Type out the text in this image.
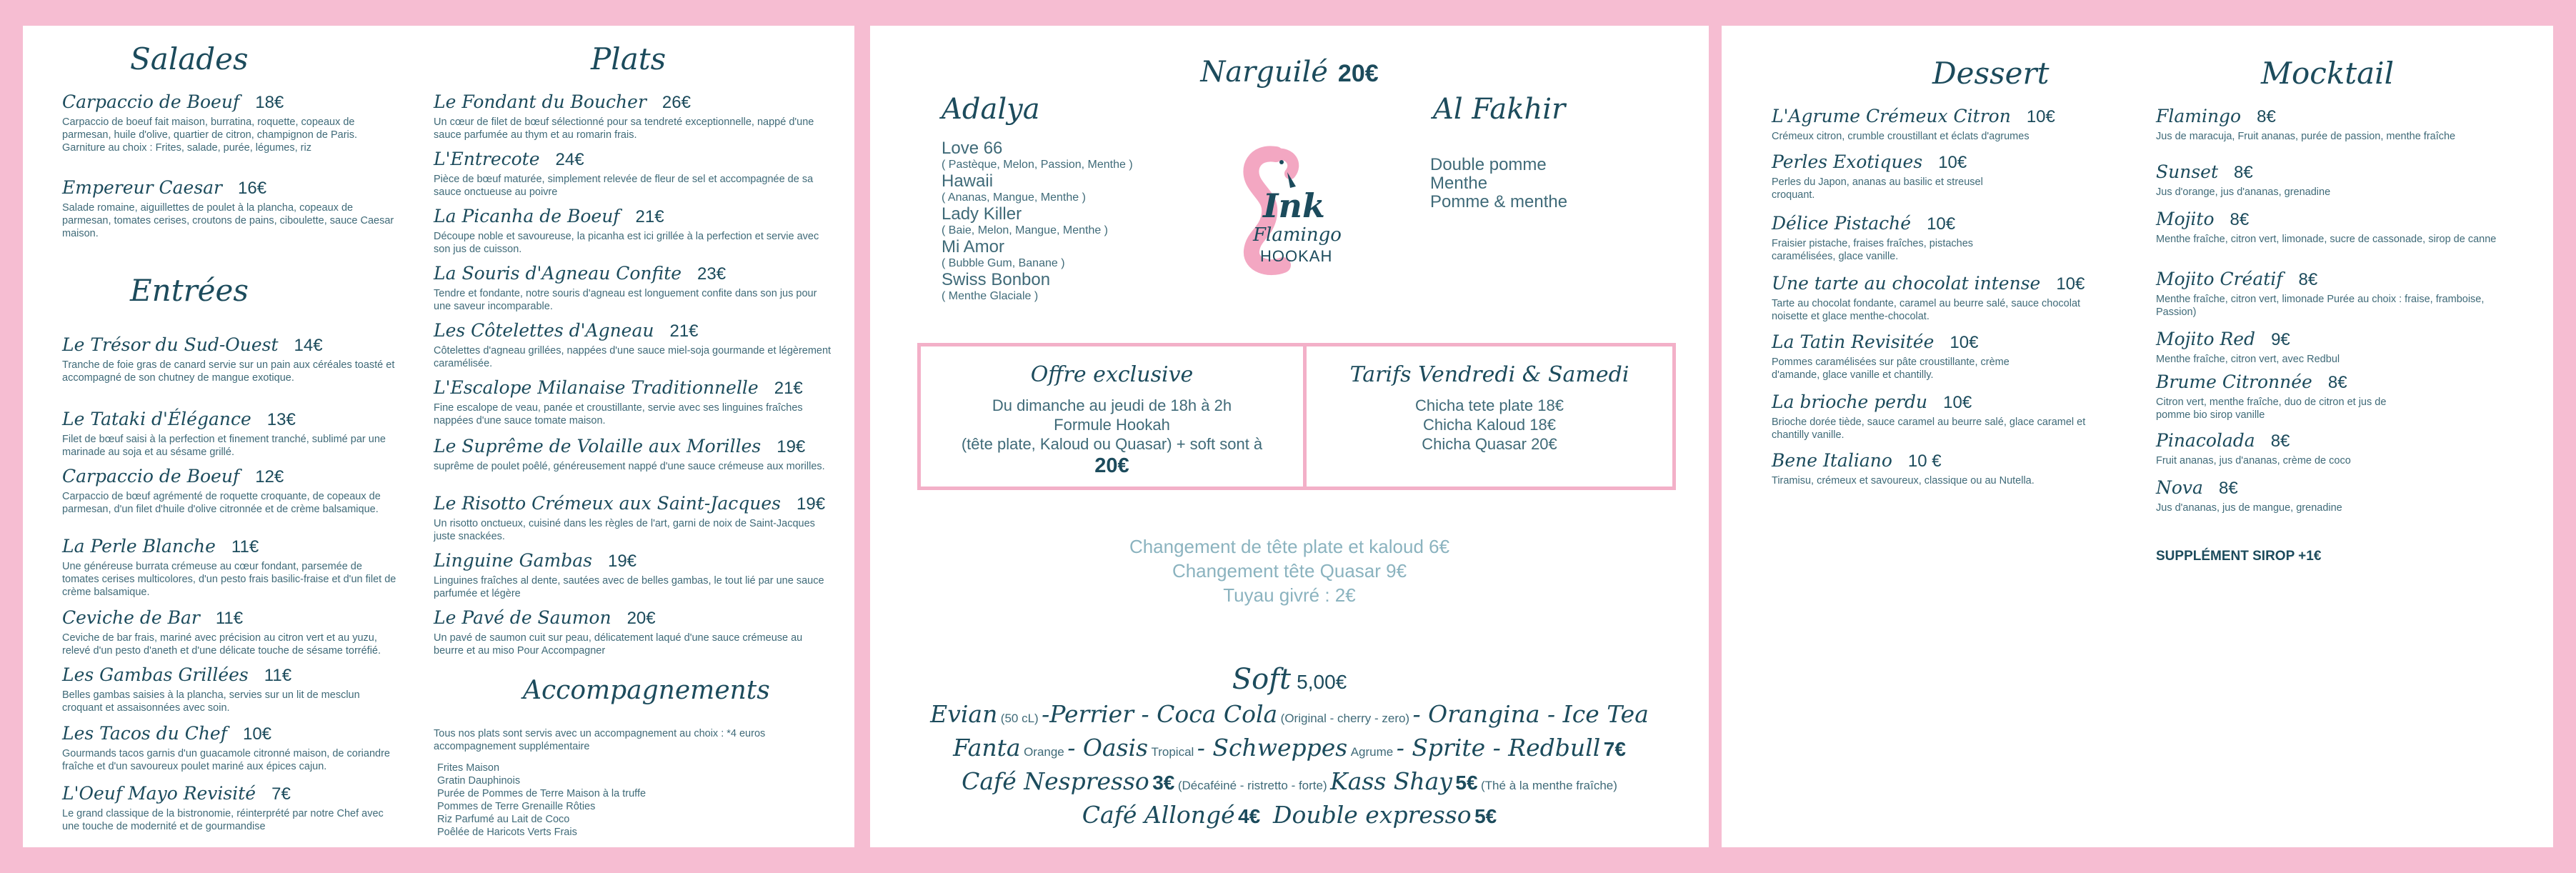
Salades
Carpaccio de Boeuf 18€
Carpaccio de boeuf fait maison, burratina, roquette, copeaux de parmesan, huile d'olive, quartier de citron, champignon de Paris. Garniture au choix : Frites, salade, purée, légumes, riz
Empereur Caesar 16€
Salade romaine, aiguillettes de poulet à la plancha, copeaux de parmesan, tomates cerises, croutons de pains, ciboulette, sauce Caesar maison.
Entrées
Le Trésor du Sud-Ouest 14€
Tranche de foie gras de canard servie sur un pain aux céréales toasté et accompagné de son chutney de mangue exotique.
Le Tataki d'Élégance 13€
Filet de bœuf saisi à la perfection et finement tranché, sublimé par une marinade au soja et au sésame grillé.
Carpaccio de Boeuf 12€
Carpaccio de bœuf agrémenté de roquette croquante, de copeaux de parmesan, d'un filet d'huile d'olive citronnée et de crème balsamique.
La Perle Blanche 11€
Une généreuse burrata crémeuse au cœur fondant, parsemée de tomates cerises multicolores, d'un pesto frais basilic-fraise et d'un filet de crème balsamique.
Ceviche de Bar 11€
Ceviche de bar frais, mariné avec précision au citron vert et au yuzu, relevé d'un pesto d'aneth et d'une délicate touche de sésame torréfié.
Les Gambas Grillées 11€
Belles gambas saisies à la plancha, servies sur un lit de mesclun croquant et assaisonnées avec soin.
Les Tacos du Chef 10€
Gourmands tacos garnis d'un guacamole citronné maison, de coriandre fraîche et d'un savoureux poulet mariné aux épices cajun.
L'Oeuf Mayo Revisité 7€
Le grand classique de la bistronomie, réinterprété par notre Chef avec une touche de modernité et de gourmandise
Plats
Le Fondant du Boucher 26€
Un cœur de filet de bœuf sélectionné pour sa tendreté exceptionnelle, nappé d'une sauce parfumée au thym et au romarin frais.
L'Entrecote 24€
Pièce de bœuf maturée, simplement relevée de fleur de sel et accompagnée de sa sauce onctueuse au poivre
La Picanha de Boeuf 21€
Découpe noble et savoureuse, la picanha est ici grillée à la perfection et servie avec son jus de cuisson.
La Souris d'Agneau Confite 23€
Tendre et fondante, notre souris d'agneau est longuement confite dans son jus pour une saveur incomparable.
Les Côtelettes d'Agneau 21€
Côtelettes d'agneau grillées, nappées d'une sauce miel-soja gourmande et légèrement caramélisée.
L'Escalope Milanaise Traditionnelle 21€
Fine escalope de veau, panée et croustillante, servie avec ses linguines fraîches nappées d'une sauce tomate maison.
Le Suprême de Volaille aux Morilles 19€
suprême de poulet poêlé, généreusement nappé d'une sauce crémeuse aux morilles.
Le Risotto Crémeux aux Saint-Jacques 19€
Un risotto onctueux, cuisiné dans les règles de l'art, garni de noix de Saint-Jacques juste snackées.
Linguine Gambas 19€
Linguines fraîches al dente, sautées avec de belles gambas, le tout lié par une sauce parfumée et légère
Le Pavé de Saumon 20€
Un pavé de saumon cuit sur peau, délicatement laqué d'une sauce crémeuse au beurre et au miso Pour Accompagner
Accompagnements
Tous nos plats sont servis avec un accompagnement au choix : *4 euros accompagnement supplémentaire
Frites Maison
Gratin Dauphinois
Purée de Pommes de Terre Maison à la truffe
Pommes de Terre Grenaille Rôties
Riz Parfumé au Lait de Coco
Poêlée de Haricots Verts Frais
Narguilé 20€
Adalya
Love 66
( Pastèque, Melon, Passion, Menthe )
Hawaii
( Ananas, Mangue, Menthe )
Lady Killer
( Baie, Melon, Mangue, Menthe )
Mi Amor
( Bubble Gum, Banane )
Swiss Bonbon
( Menthe Glaciale )
Ink
Flamingo
HOOKAH
Al Fakhir
Double pomme
Menthe
Pomme & menthe
Offre exclusive
Du dimanche au jeudi de 18h à 2h
Formule Hookah
(tête plate, Kaloud ou Quasar) + soft sont à
20€
Tarifs Vendredi & Samedi
Chicha tete plate 18€
Chicha Kaloud 18€
Chicha Quasar 20€
Changement de tête plate et kaloud 6€
Changement tête Quasar 9€
Tuyau givré : 2€
Soft 5,00€
Evian (50 cL) -Perrier - Coca Cola (Original - cherry - zero) - Orangina - Ice Tea
Fanta Orange - Oasis Tropical - Schweppes Agrume - Sprite - Redbull 7€
Café Nespresso 3€ (Décaféiné - ristretto - forte) Kass Shay 5€ (Thé à la menthe fraîche)
Café Allongé 4€ Double expresso 5€
Dessert
L'Agrume Crémeux Citron 10€
Crémeux citron, crumble croustillant et éclats d'agrumes
Perles Exotiques 10€
Perles du Japon, ananas au basilic et streusel croquant.
Délice Pistaché 10€
Fraisier pistache, fraises fraîches, pistaches caramélisées, glace vanille.
Une tarte au chocolat intense 10€
Tarte au chocolat fondante, caramel au beurre salé, sauce chocolat noisette et glace menthe-chocolat.
La Tatin Revisitée 10€
Pommes caramélisées sur pâte croustillante, crème d'amande, glace vanille et chantilly.
La brioche perdu 10€
Brioche dorée tiède, sauce caramel au beurre salé, glace caramel et chantilly vanille.
Bene Italiano 10 €
Tiramisu, crémeux et savoureux, classique ou au Nutella.
Mocktail
Flamingo 8€
Jus de maracuja, Fruit ananas, purée de passion, menthe fraîche
Sunset 8€
Jus d'orange, jus d'ananas, grenadine
Mojito 8€
Menthe fraîche, citron vert, limonade, sucre de cassonade, sirop de canne
Mojito Créatif 8€
Menthe fraîche, citron vert, limonade Purée au choix : fraise, framboise, Passion)
Mojito Red 9€
Menthe fraîche, citron vert, avec Redbul
Brume Citronnée 8€
Citron vert, menthe fraîche, duo de citron et jus de pomme bio sirop vanille
Pinacolada 8€
Fruit ananas, jus d'ananas, crème de coco
Nova 8€
Jus d'ananas, jus de mangue, grenadine
SUPPLÉMENT SIROP +1€
